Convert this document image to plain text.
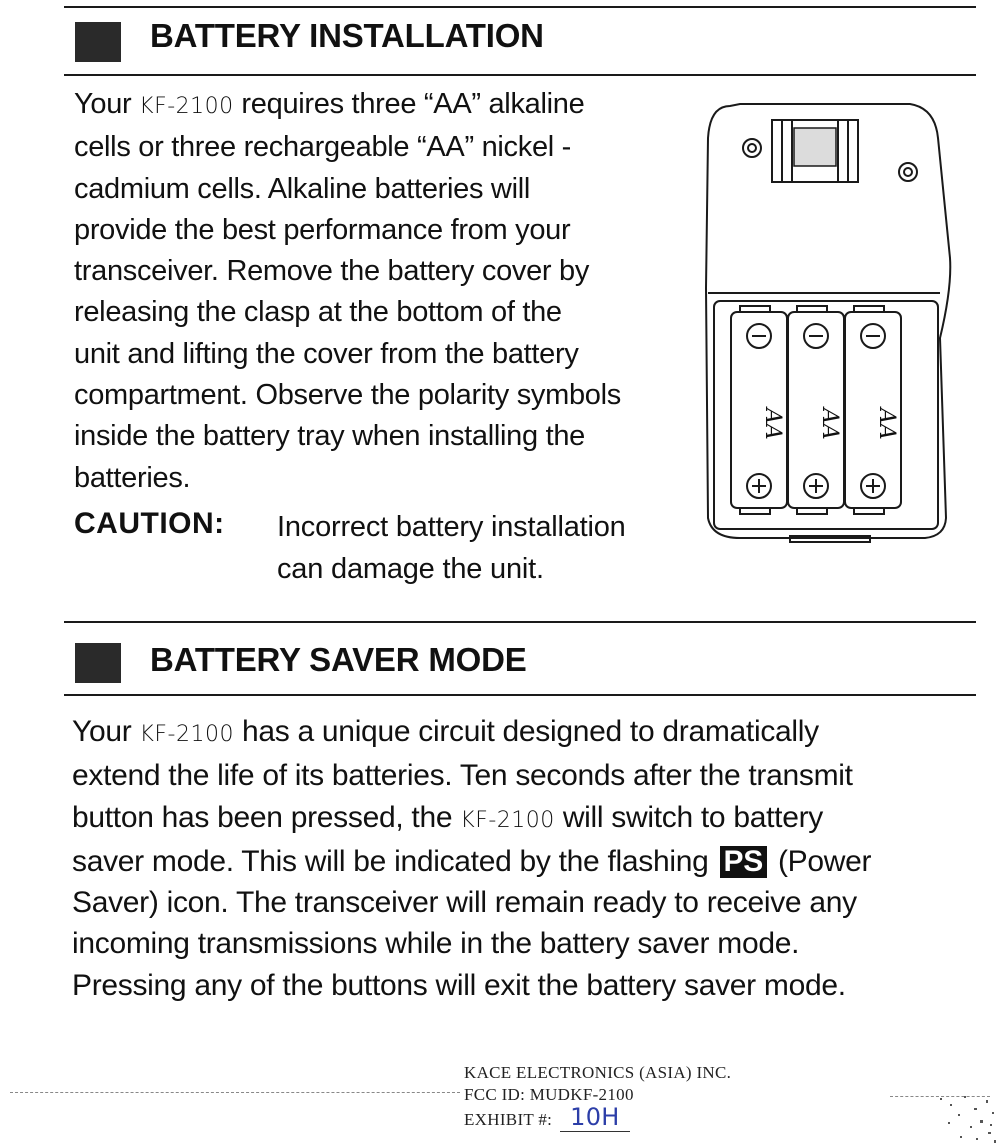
BATTERY INSTALLATION
Your KF-2100 requires three “AA” alkaline
cells or three rechargeable “AA” nickel -
cadmium cells. Alkaline batteries will
provide the best performance from your
transceiver. Remove the battery cover by
releasing the clasp at the bottom of the
unit and lifting the cover from the battery
compartment. Observe the polarity symbols
inside the battery tray when installing the
batteries.
CAUTION: Incorrect battery installation
can damage the unit.
AA AA AA
BATTERY SAVER MODE
Your KF-2100 has a unique circuit designed to dramatically
extend the life of its batteries. Ten seconds after the transmit
button has been pressed, the KF-2100 will switch to battery
saver mode. This will be indicated by the flashing PS (Power
Saver) icon. The transceiver will remain ready to receive any
incoming transmissions while in the battery saver mode.
Pressing any of the buttons will exit the battery saver mode.
KACE ELECTRONICS (ASIA) INC.
FCC ID: MUDKF-2100
EXHIBIT #: 10H
